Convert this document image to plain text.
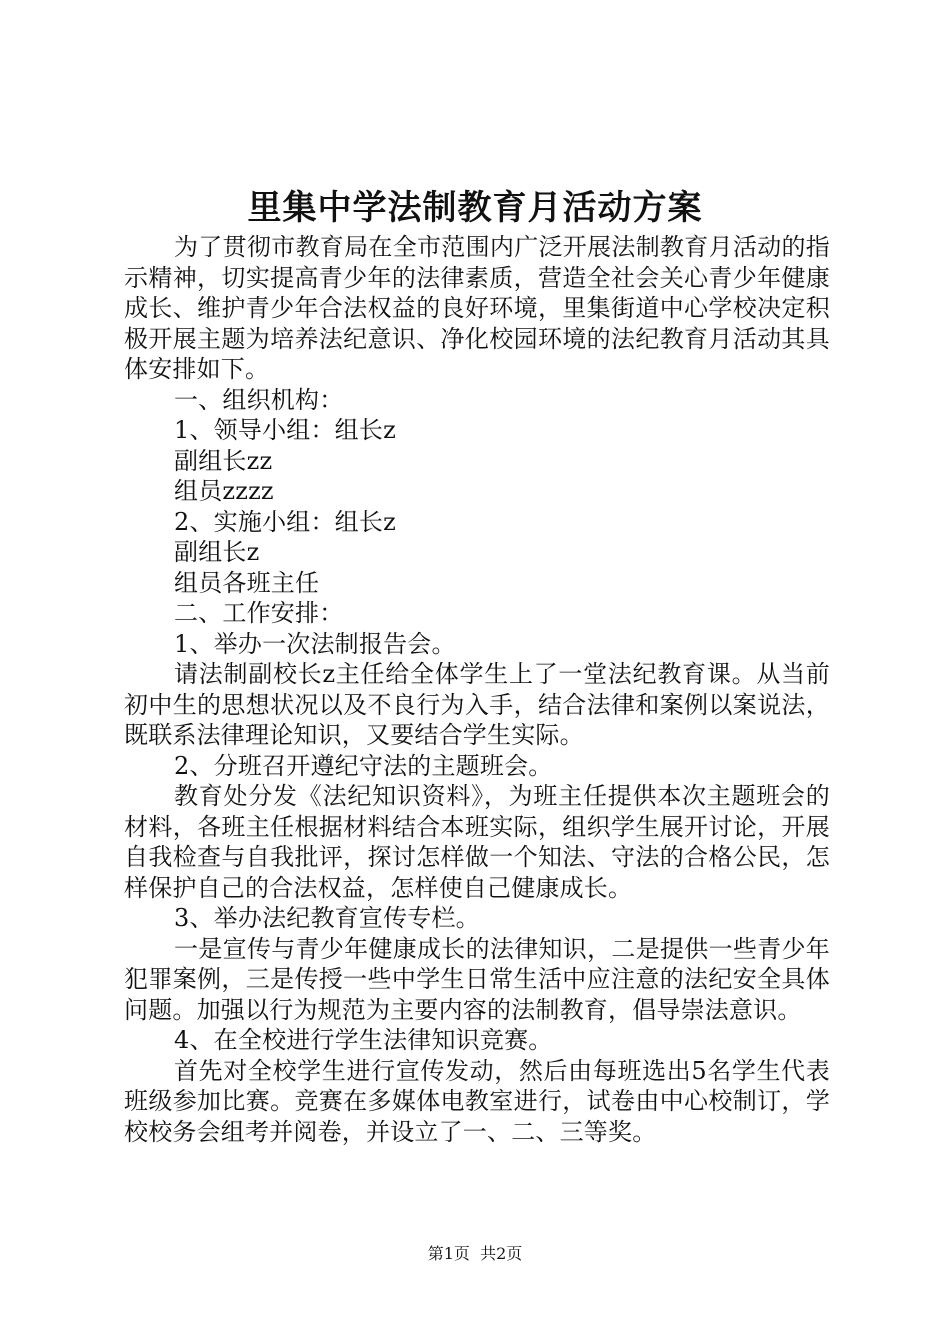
里集中学法制教育月活动方案

为了贯彻市教育局在全市范围内广泛开展法制教育月活动的指示精神，切实提高青少年的法律素质，营造全社会关心青少年健康成长、维护青少年合法权益的良好环境，里集街道中心学校决定积极开展主题为培养法纪意识、净化校园环境的法纪教育月活动其具体安排如下。

一、组织机构：

1、领导小组：组长z

副组长zz

组员zzzz

2、实施小组：组长z

副组长z

组员各班主任

二、工作安排：

1、举办一次法制报告会。

请法制副校长z主任给全体学生上了一堂法纪教育课。从当前初中生的思想状况以及不良行为入手，结合法律和案例以案说法，既联系法律理论知识，又要结合学生实际。

2、分班召开遵纪守法的主题班会。

教育处分发《法纪知识资料》，为班主任提供本次主题班会的材料，各班主任根据材料结合本班实际，组织学生展开讨论，开展自我检查与自我批评，探讨怎样做一个知法、守法的合格公民，怎样保护自己的合法权益，怎样使自己健康成长。

3、举办法纪教育宣传专栏。

一是宣传与青少年健康成长的法律知识，二是提供一些青少年犯罪案例，三是传授一些中学生日常生活中应注意的法纪安全具体问题。加强以行为规范为主要内容的法制教育，倡导崇法意识。

4、在全校进行学生法律知识竞赛。

首先对全校学生进行宣传发动，然后由每班选出5名学生代表班级参加比赛。竞赛在多媒体电教室进行，试卷由中心校制订，学校校务会组考并阅卷，并设立了一、二、三等奖。

第1页  共2页
